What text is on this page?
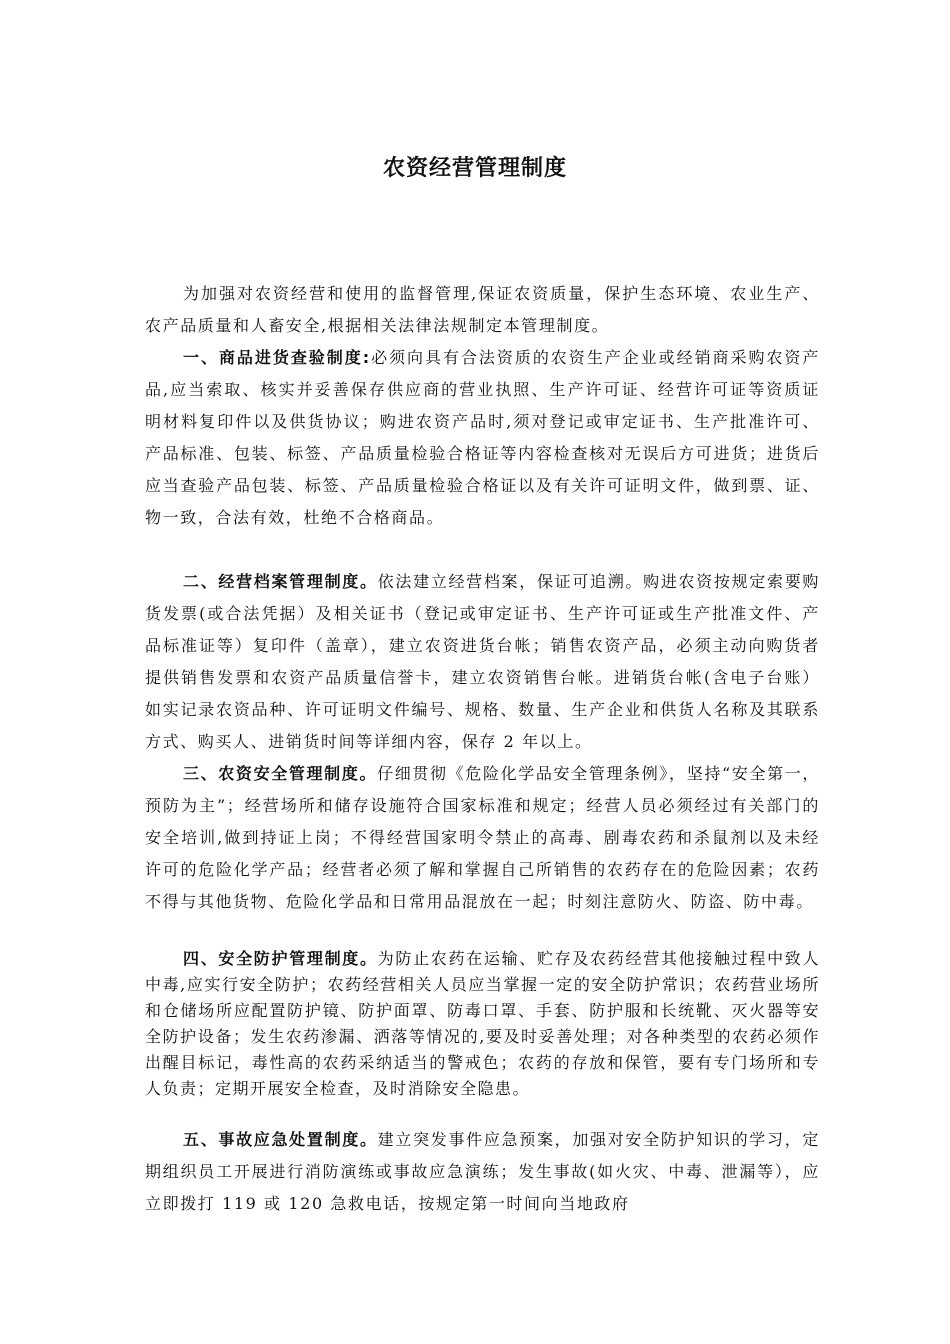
农资经营管理制度

为加强对农资经营和使用的监督管理,保证农资质量，保护生态环境、农业生产、农产品质量和人畜安全,根据相关法律法规制定本管理制度。

一、商品进货查验制度:必须向具有合法资质的农资生产企业或经销商采购农资产品,应当索取、核实并妥善保存供应商的营业执照、生产许可证、经营许可证等资质证明材料复印件以及供货协议；购进农资产品时,须对登记或审定证书、生产批准许可、产品标准、包装、标签、产品质量检验合格证等内容检查核对无误后方可进货；进货后应当查验产品包装、标签、产品质量检验合格证以及有关许可证明文件，做到票、证、物一致，合法有效，杜绝不合格商品。

二、经营档案管理制度。依法建立经营档案，保证可追溯。购进农资按规定索要购货发票(或合法凭据）及相关证书（登记或审定证书、生产许可证或生产批准文件、产品标准证等）复印件（盖章），建立农资进货台帐；销售农资产品，必须主动向购货者提供销售发票和农资产品质量信誉卡，建立农资销售台帐。进销货台帐(含电子台账）如实记录农资品种、许可证明文件编号、规格、数量、生产企业和供货人名称及其联系方式、购买人、进销货时间等详细内容，保存 2 年以上。

三、农资安全管理制度。仔细贯彻《危险化学品安全管理条例》，坚持“安全第一，预防为主”；经营场所和储存设施符合国家标准和规定；经营人员必须经过有关部门的安全培训,做到持证上岗；不得经营国家明令禁止的高毒、剧毒农药和杀鼠剂以及未经许可的危险化学产品；经营者必须了解和掌握自己所销售的农药存在的危险因素；农药不得与其他货物、危险化学品和日常用品混放在一起；时刻注意防火、防盗、防中毒。

四、安全防护管理制度。为防止农药在运输、贮存及农药经营其他接触过程中致人中毒,应实行安全防护；农药经营相关人员应当掌握一定的安全防护常识；农药营业场所和仓储场所应配置防护镜、防护面罩、防毒口罩、手套、防护服和长统靴、灭火器等安全防护设备；发生农药渗漏、洒落等情况的,要及时妥善处理；对各种类型的农药必须作出醒目标记，毒性高的农药采纳适当的警戒色；农药的存放和保管，要有专门场所和专人负责；定期开展安全检查，及时消除安全隐患。

五、事故应急处置制度。建立突发事件应急预案，加强对安全防护知识的学习，定期组织员工开展进行消防演练或事故应急演练；发生事故(如火灾、中毒、泄漏等），应立即拨打 119 或 120 急救电话，按规定第一时间向当地政府
